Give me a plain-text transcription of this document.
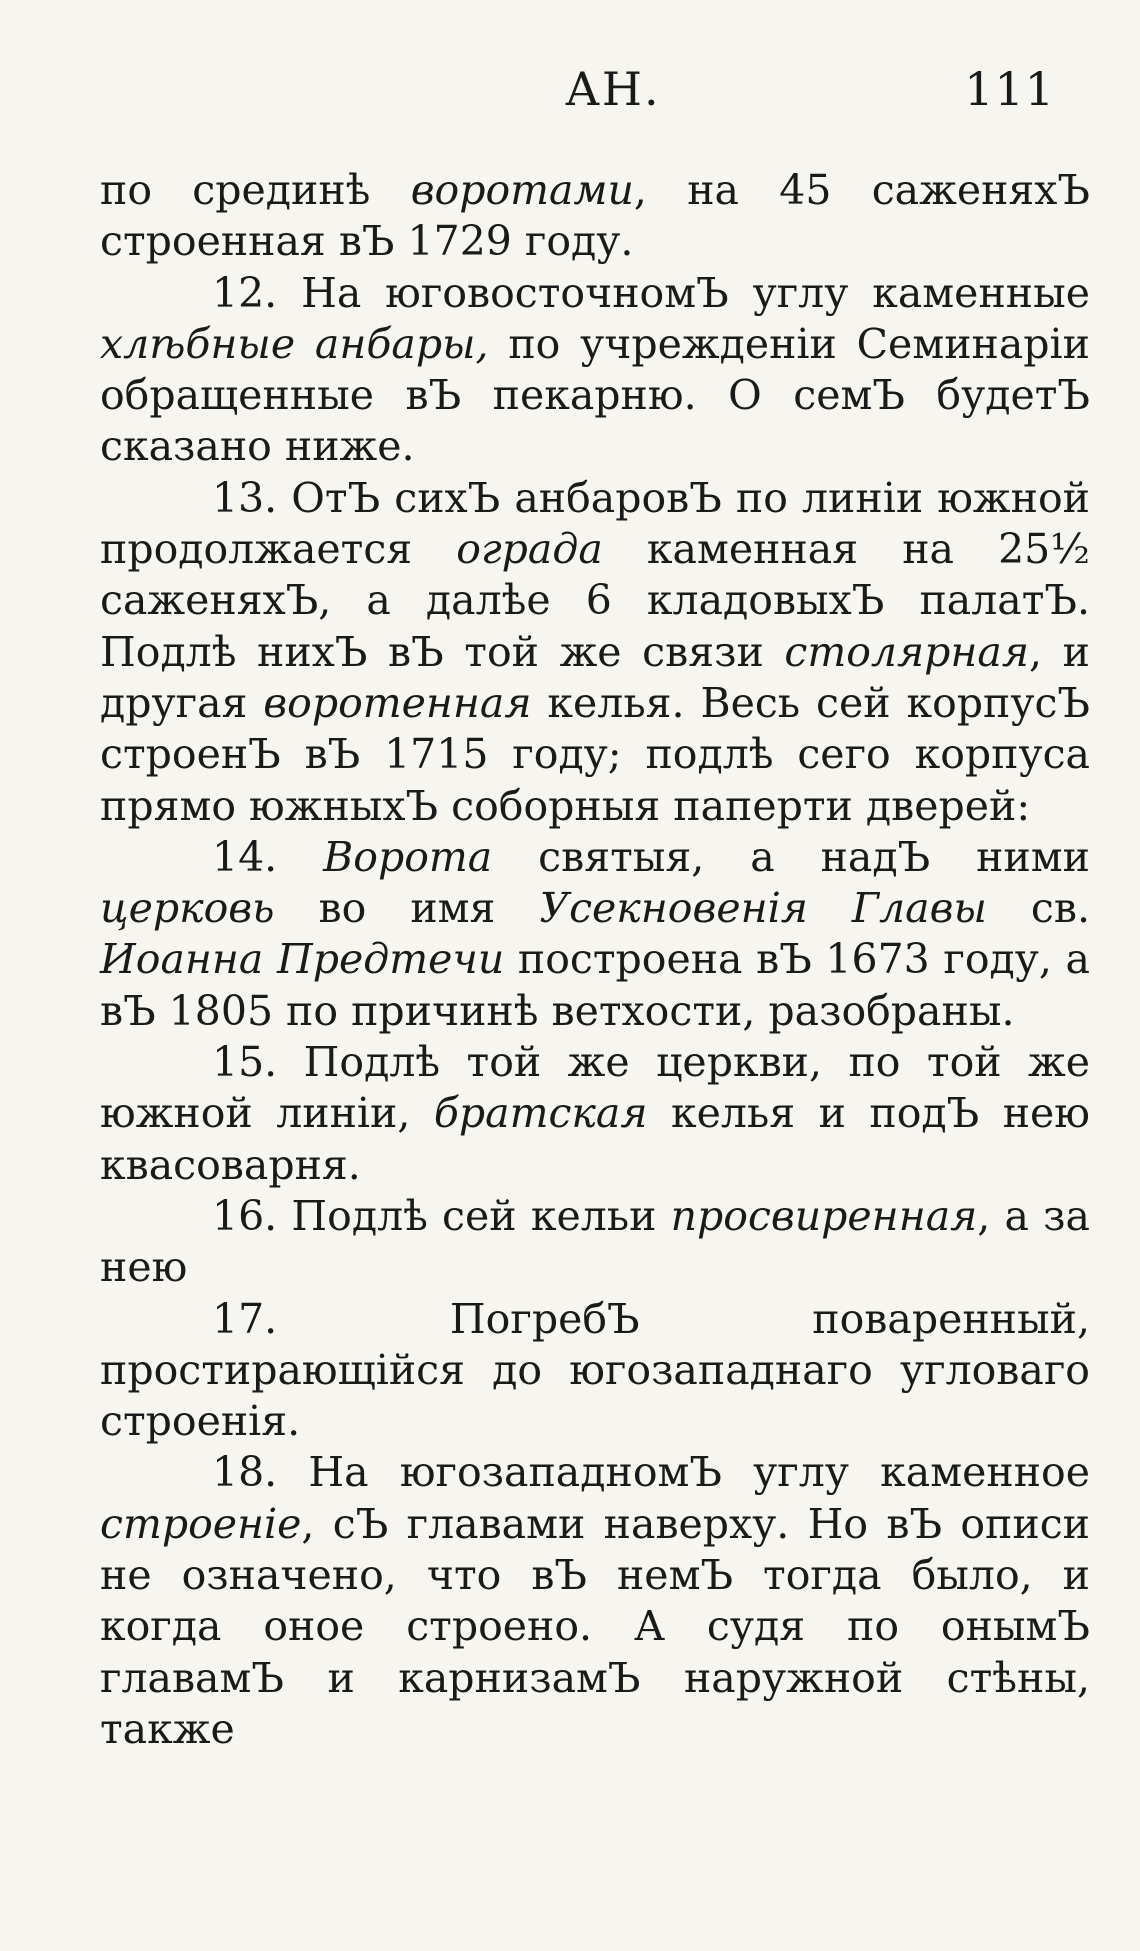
АН.	111

по срединѣ воротами, на 45 саженяхЪ строенная вЪ 1729 году.

12. На юговосточномЪ углу каменные хлѣбные анбары, по учрежденіи Семинаріи обращенные вЪ пекарню. О семЪ будетЪ сказано ниже.

13. ОтЪ сихЪ анбаровЪ по линіи южной продолжается ограда каменная на 25½ саженяхЪ, а далѣе 6 кладовыхЪ палатЪ. Подлѣ нихЪ вЪ той же связи столярная, и другая воротенная келья. Весь сей корпусЪ строенЪ вЪ 1715 году; подлѣ сего корпуса прямо южныхЪ соборныя паперти дверей:

14. Ворота святыя, а надЪ ними церковь во имя Усекновенія Главы св. Иоанна Предтечи построена вЪ 1673 году, а вЪ 1805 по причинѣ ветхости, разобраны.

15. Подлѣ той же церкви, по той же южной линіи, братская келья и подЪ нею квасоварня.

16. Подлѣ сей кельи просвиренная, а за нею

17. ПогребЪ поваренный, простирающійся до югозападнаго угловаго строенія.

18. На югозападномЪ углу каменное строеніе, сЪ главами наверху. Но вЪ описи не означено, что вЪ немЪ тогда было, и когда оное строено. А судя по онымЪ главамЪ и карнизамЪ наружной стѣны, также
